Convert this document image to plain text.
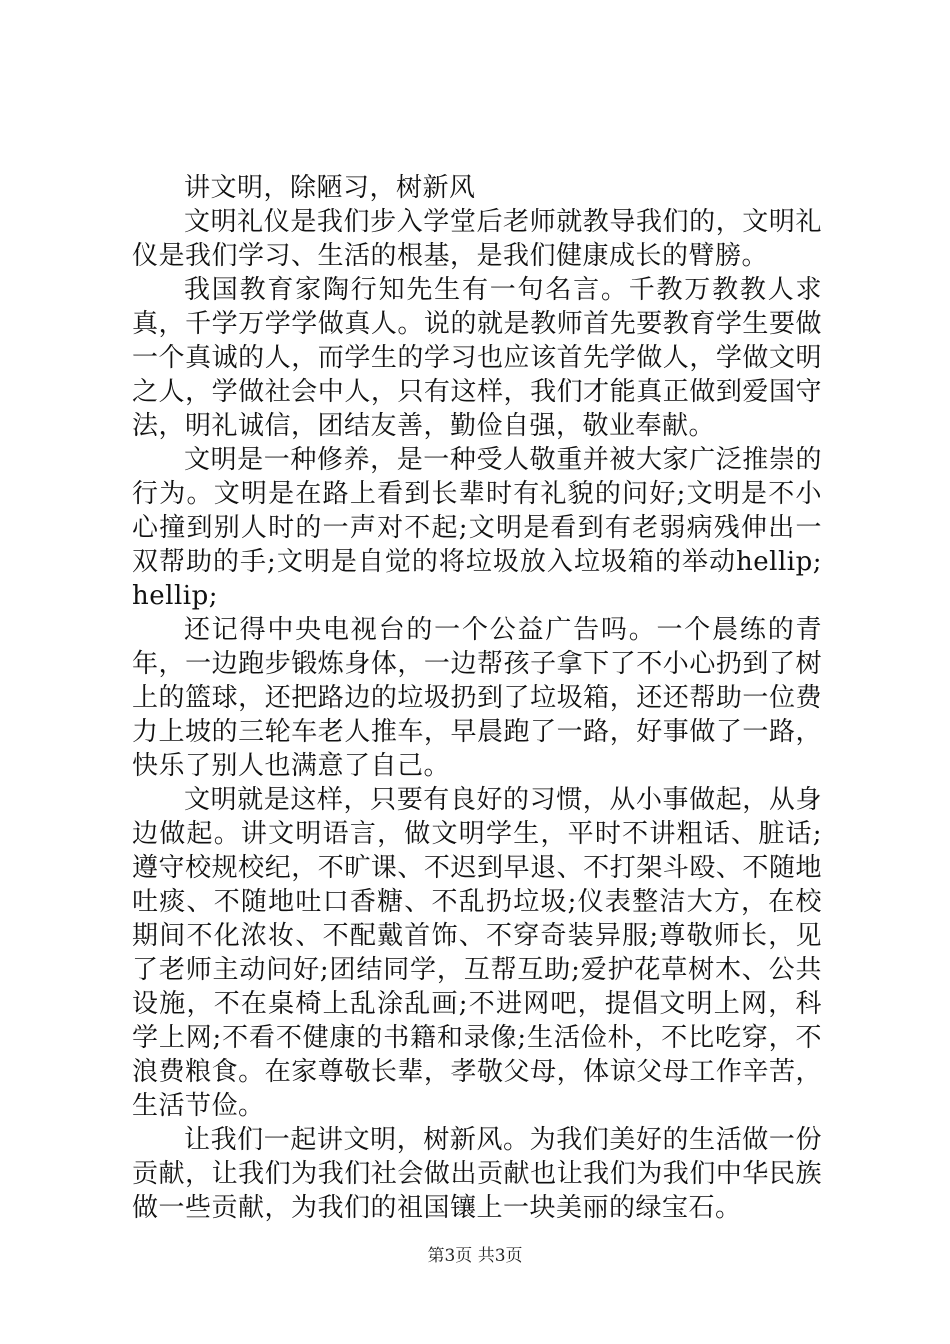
讲文明，除陋习，树新风

文明礼仪是我们步入学堂后老师就教导我们的，文明礼仪是我们学习、生活的根基，是我们健康成长的臂膀。

我国教育家陶行知先生有一句名言。千教万教教人求真，千学万学学做真人。说的就是教师首先要教育学生要做一个真诚的人，而学生的学习也应该首先学做人，学做文明之人，学做社会中人，只有这样，我们才能真正做到爱国守法，明礼诚信，团结友善，勤俭自强，敬业奉献。

文明是一种修养，是一种受人敬重并被大家广泛推崇的行为。文明是在路上看到长辈时有礼貌的问好;文明是不小心撞到别人时的一声对不起;文明是看到有老弱病残伸出一双帮助的手;文明是自觉的将垃圾放入垃圾箱的举动hellip;hellip;

还记得中央电视台的一个公益广告吗。一个晨练的青年，一边跑步锻炼身体，一边帮孩子拿下了不小心扔到了树上的篮球，还把路边的垃圾扔到了垃圾箱，还还帮助一位费力上坡的三轮车老人推车，早晨跑了一路，好事做了一路，快乐了别人也满意了自己。

文明就是这样，只要有良好的习惯，从小事做起，从身边做起。讲文明语言，做文明学生，平时不讲粗话、脏话;遵守校规校纪，不旷课、不迟到早退、不打架斗殴、不随地吐痰、不随地吐口香糖、不乱扔垃圾;仪表整洁大方，在校期间不化浓妆、不配戴首饰、不穿奇装异服;尊敬师长，见了老师主动问好;团结同学，互帮互助;爱护花草树木、公共设施，不在桌椅上乱涂乱画;不进网吧，提倡文明上网，科学上网;不看不健康的书籍和录像;生活俭朴，不比吃穿，不浪费粮食。在家尊敬长辈，孝敬父母，体谅父母工作辛苦，生活节俭。

让我们一起讲文明，树新风。为我们美好的生活做一份贡献，让我们为我们社会做出贡献也让我们为我们中华民族做一些贡献，为我们的祖国镶上一块美丽的绿宝石。

第3页 共3页
